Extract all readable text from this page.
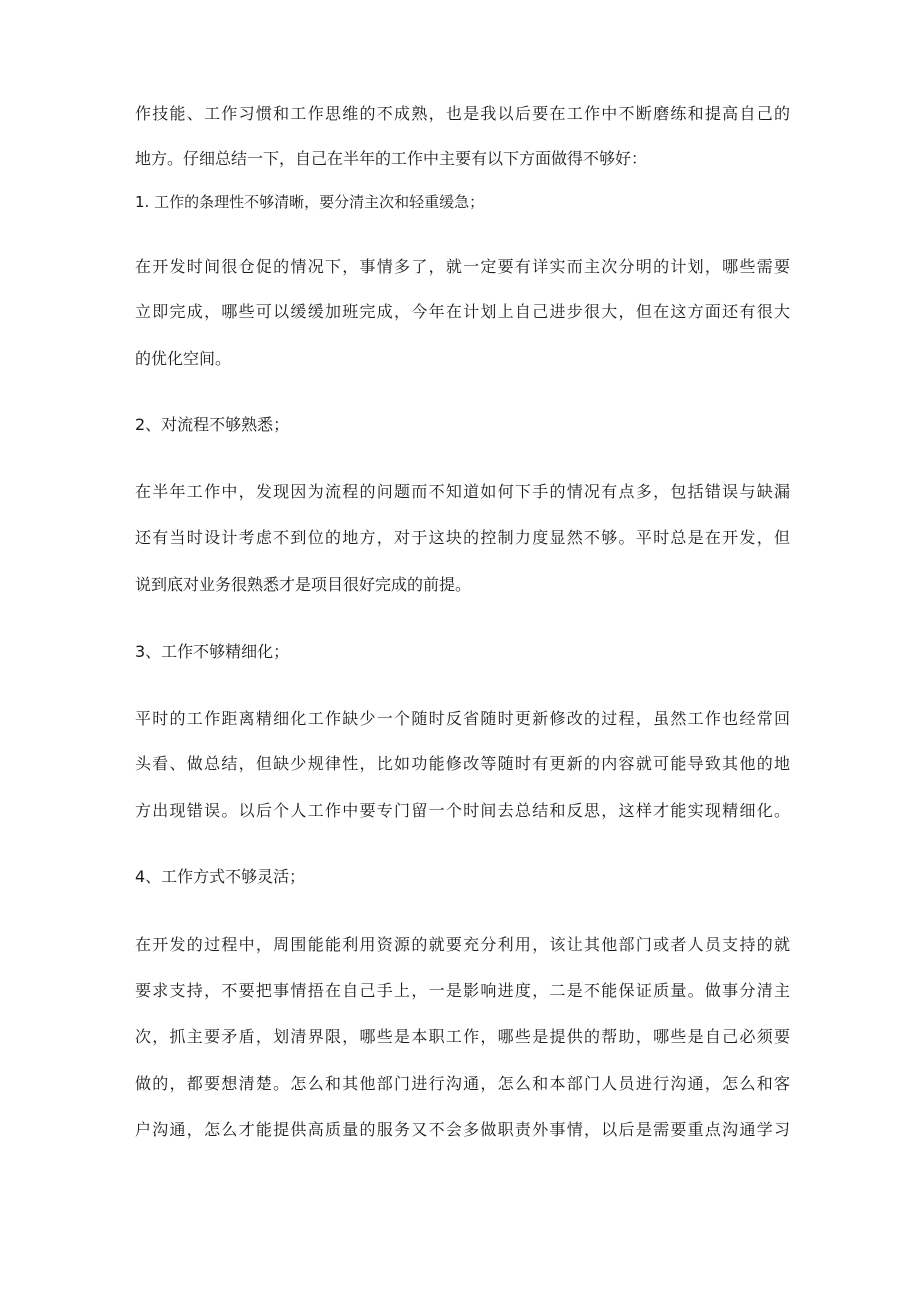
作技能、工作习惯和工作思维的不成熟，也是我以后要在工作中不断磨练和提高自己的
地方。仔细总结一下，自己在半年的工作中主要有以下方面做得不够好：
1. 工作的条理性不够清晰，要分清主次和轻重缓急；
在开发时间很仓促的情况下，事情多了，就一定要有详实而主次分明的计划，哪些需要
立即完成，哪些可以缓缓加班完成，今年在计划上自己进步很大，但在这方面还有很大
的优化空间。
2、对流程不够熟悉；
在半年工作中，发现因为流程的问题而不知道如何下手的情况有点多，包括错误与缺漏
还有当时设计考虑不到位的地方，对于这块的控制力度显然不够。平时总是在开发，但
说到底对业务很熟悉才是项目很好完成的前提。
3、工作不够精细化；
平时的工作距离精细化工作缺少一个随时反省随时更新修改的过程，虽然工作也经常回
头看、做总结，但缺少规律性，比如功能修改等随时有更新的内容就可能导致其他的地
方出现错误。以后个人工作中要专门留一个时间去总结和反思，这样才能实现精细化。
4、工作方式不够灵活；
在开发的过程中，周围能能利用资源的就要充分利用，该让其他部门或者人员支持的就
要求支持，不要把事情捂在自己手上，一是影响进度，二是不能保证质量。做事分清主
次，抓主要矛盾，划清界限，哪些是本职工作，哪些是提供的帮助，哪些是自己必须要
做的，都要想清楚。怎么和其他部门进行沟通，怎么和本部门人员进行沟通，怎么和客
户沟通，怎么才能提供高质量的服务又不会多做职责外事情，以后是需要重点沟通学习
